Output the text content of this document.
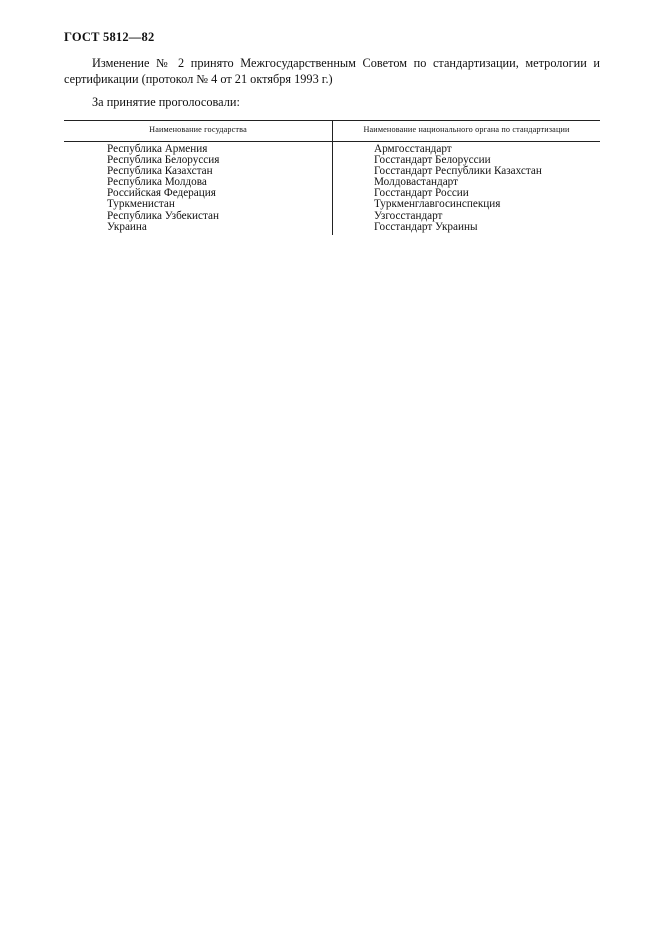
ГОСТ 5812—82
Изменение № 2 принято Межгосударственным Советом по стандартизации, метрологии и сертификации (протокол № 4 от 21 октября 1993 г.)
За принятие проголосовали:
Наименование государства	Наименование национального органа по стандартизации
Республика Армения
Республика Белоруссия
Республика Казахстан
Республика Молдова
Российская Федерация
Туркменистан
Республика Узбекистан
Украина
Армгосстандарт
Госстандарт Белоруссии
Госстандарт Республики Казахстан
Молдовастандарт
Госстандарт России
Туркменглавгосинспекция
Узгосстандарт
Госстандарт Украины
